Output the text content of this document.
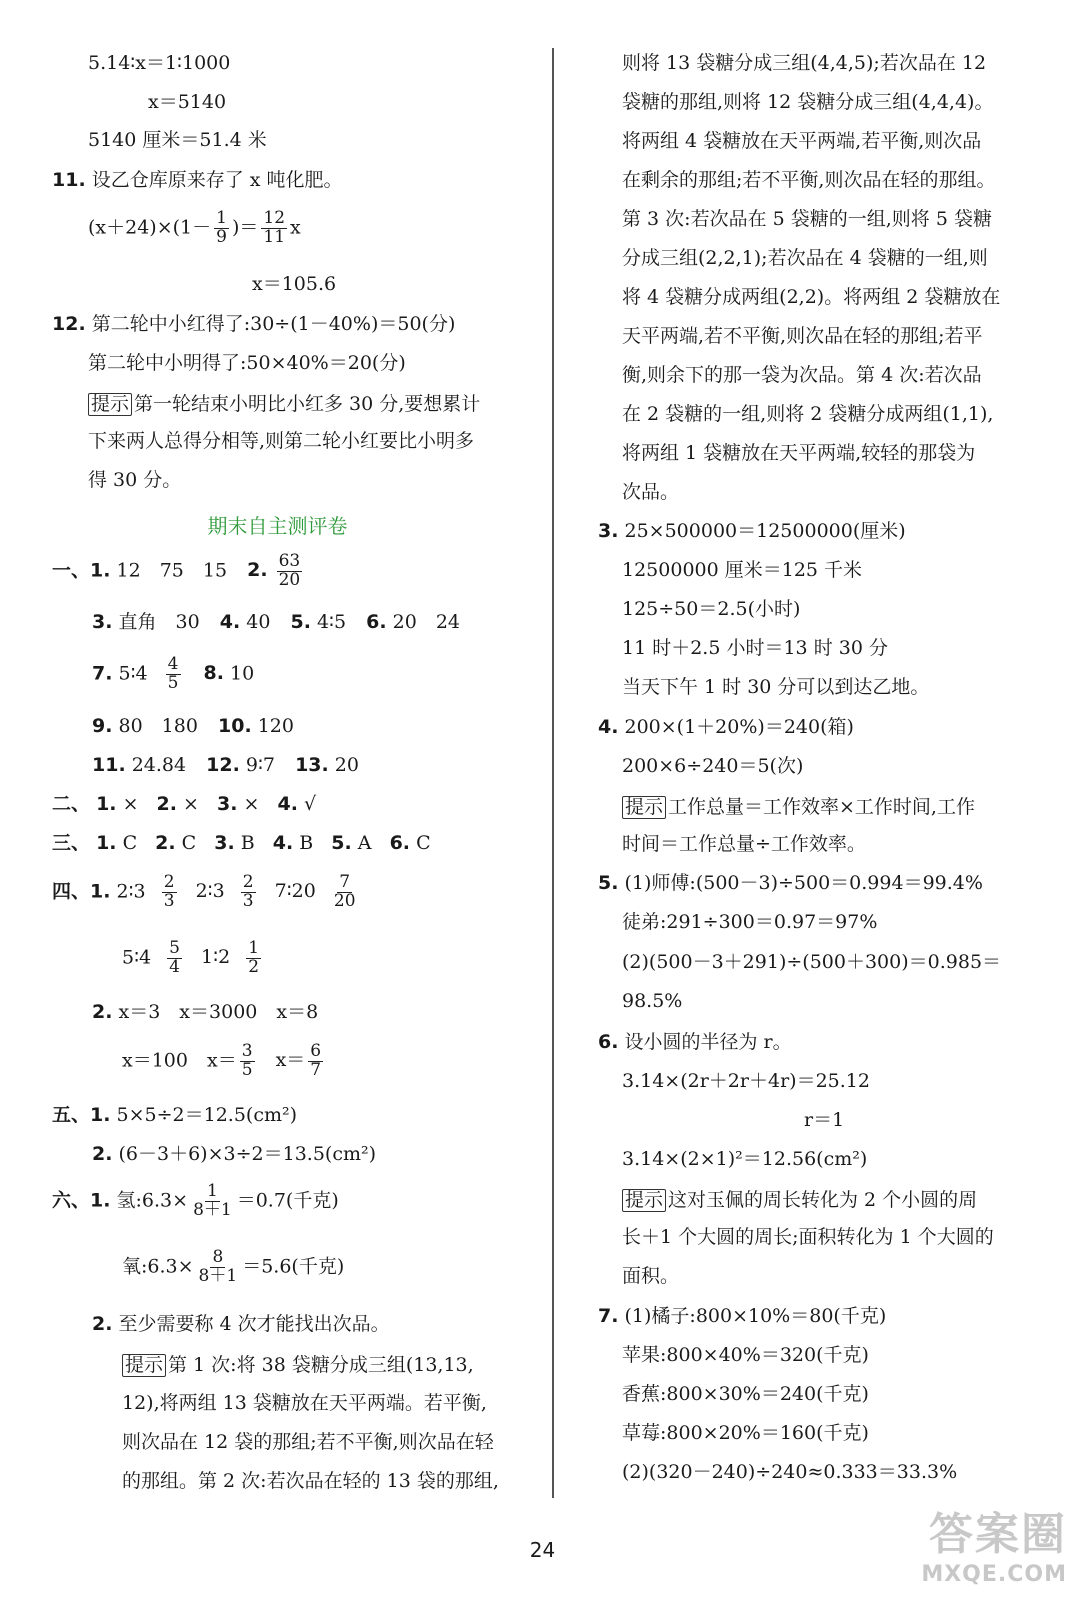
5.14∶x＝1∶1000
x＝5140
5140 厘米＝51.4 米
11. 设乙仓库原来存了 x 吨化肥。
$(x+24)\times(1- \frac{1}{9}$ )＝ $\frac{12}{11}$ x
x＝105.6
12. 第二轮中小红得了:30÷(1－40%)＝50(分)
第二轮中小明得了:50×40%＝20(分)
提示 第一轮结束小明比小红多 30 分,要想累计
下来两人总得分相等,则第二轮小红要比小明多
得 30 分。
期末自主测评卷
一、1. 12　75　15 2. $\frac{63}{20}$
3. 直角　30 4. 40 5. 4∶5 6. 20　24
7. 5∶4 $\frac{4}{5} 8$. 10
9. 80　180 10. 120
11. 24.84 12. 9∶7 13. 20
二、 1. × 2. × 3. × 4. √
三、 1. C 2. C 3. B 4. B 5. A 6. C
四、1. 2∶3 $\frac{2}{3}$ 2∶3 $\frac{2}{3}$ 7∶20 $\frac{7}{20}$
5∶4 $\frac{5}{4}$ 1∶2 $\frac{1}{2}$
2. x＝3　x＝3000　x＝8
x＝100　$x= \frac{3}{5} x= \frac{6}{7}$
五、1. 5×5÷2＝12.5(cm²)
2. (6－3＋6)×3÷2＝13.5(cm²)
六、1. 氢:6.3× $\frac{1}{8+1} =0.7$(千克)
氧:6.3× $\frac{8}{8+1} =5.6$(千克)
2. 至少需要称 4 次才能找出次品。
提示 第 1 次:将 38 袋糖分成三组(13,13,
12),将两组 13 袋糖放在天平两端。若平衡,
则次品在 12 袋的那组;若不平衡,则次品在轻
的那组。第 2 次:若次品在轻的 13 袋的那组,
则将 13 袋糖分成三组(4,4,5);若次品在 12
袋糖的那组,则将 12 袋糖分成三组(4,4,4)。
将两组 4 袋糖放在天平两端,若平衡,则次品
在剩余的那组;若不平衡,则次品在轻的那组。
第 3 次:若次品在 5 袋糖的一组,则将 5 袋糖
分成三组(2,2,1);若次品在 4 袋糖的一组,则
将 4 袋糖分成两组(2,2)。将两组 2 袋糖放在
天平两端,若不平衡,则次品在轻的那组;若平
衡,则余下的那一袋为次品。第 4 次:若次品
在 2 袋糖的一组,则将 2 袋糖分成两组(1,1),
将两组 1 袋糖放在天平两端,较轻的那袋为
次品。
3. 25×500000＝12500000(厘米)
12500000 厘米＝125 千米
125÷50＝2.5(小时)
11 时＋2.5 小时＝13 时 30 分
当天下午 1 时 30 分可以到达乙地。
4. 200×(1＋20%)＝240(箱)
200×6÷240＝5(次)
提示 工作总量＝工作效率×工作时间,工作
时间＝工作总量÷工作效率。
5. (1)师傅:(500－3)÷500＝0.994＝99.4%
徒弟:291÷300＝0.97＝97%
(2)(500－3＋291)÷(500＋300)＝0.985＝
98.5%
6. 设小圆的半径为 r。
3.14×(2r＋2r＋4r)＝25.12
r＝1
3.14×(2×1)²＝12.56(cm²)
提示 这对玉佩的周长转化为 2 个小圆的周
长＋1 个大圆的周长;面积转化为 1 个大圆的
面积。
7. (1)橘子:800×10%＝80(千克)
苹果:800×40%＝320(千克)
香蕉:800×30%＝240(千克)
草莓:800×20%＝160(千克)
(2)(320－240)÷240≈0.333＝33.3%
24	答案圈
MXQE.COM
